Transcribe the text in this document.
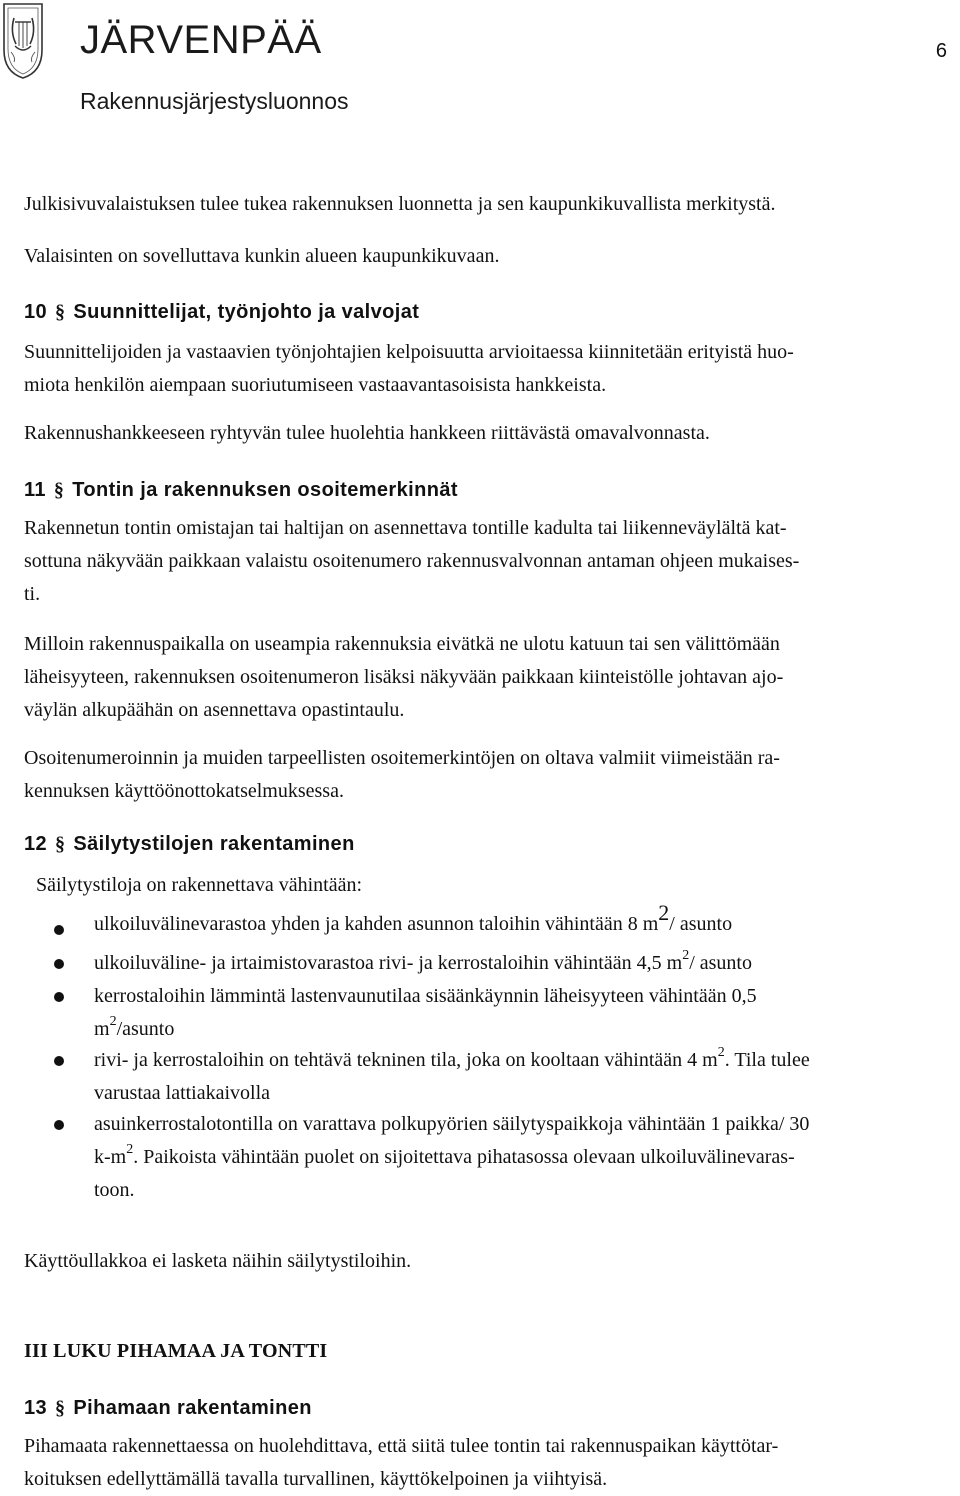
JÄRVENPÄÄ
Rakennusjärjestysluonnos
6

Julkisivuvalaistuksen tulee tukea rakennuksen luonnetta ja sen kaupunkikuvallista merkitystä.

Valaisinten on sovelluttava kunkin alueen kaupunkikuvaan.

10 § Suunnittelijat, työnjohto ja valvojat
Suunnittelijoiden ja vastaavien työnjohtajien kelpoisuutta arvioitaessa kiinnitetään erityistä huo-
miota henkilön aiempaan suoriutumiseen vastaavantasoisista hankkeista.

Rakennushankkeeseen ryhtyvän tulee huolehtia hankkeen riittävästä omavalvonnasta.

11 § Tontin ja rakennuksen osoitemerkinnät
Rakennetun tontin omistajan tai haltijan on asennettava tontille kadulta tai liikenneväylältä kat-
sottuna näkyvään paikkaan valaistu osoitenumero rakennusvalvonnan antaman ohjeen mukaises-
ti.
Milloin rakennuspaikalla on useampia rakennuksia eivätkä ne ulotu katuun tai sen välittömään
läheisyyteen, rakennuksen osoitenumeron lisäksi näkyvään paikkaan kiinteistölle johtavan ajo-
väylän alkupäähän on asennettava opastintaulu.
Osoitenumeroinnin ja muiden tarpeellisten osoitemerkintöjen on oltava valmiit viimeistään ra-
kennuksen käyttöönottokatselmuksessa.
12 § Säilytystilojen rakentaminen

Säilytystiloja on rakennettava vähintään:

ulkoiluvälinevarastoa yhden ja kahden asunnon taloihin vähintään 8 $m^2/$ asunto
ulkoiluväline- ja irtaimistovarastoa rivi- ja kerrostaloihin vähintään 4,5 $m^2/$ asunto
kerrostaloihin lämmintä lastenvaunutilaa sisäänkäynnin läheisyyteen vähintään 0,5
$m^2$/asunto
rivi- ja kerrostaloihin on tehtävä tekninen tila, joka on kooltaan vähintään 4 $m^2$. Tila tulee
varustaa lattiakaivolla
asuinkerrostalotontilla on varattava polkupyörien säilytyspaikkoja vähintään 1 paikka/ 30
$k-m^2$. Paikoista vähintään puolet on sijoitettava pihatasossa olevaan ulkoiluvälinevaras-
toon.

Käyttöullakkoa ei lasketa näihin säilytystiloihin.

III LUKU PIHAMAA JA TONTTI
13 § Pihamaan rakentaminen
Pihamaata rakennettaessa on huolehdittava, että siitä tulee tontin tai rakennuspaikan käyttötar-
koituksen edellyttämällä tavalla turvallinen, käyttökelpoinen ja viihtyisä.
